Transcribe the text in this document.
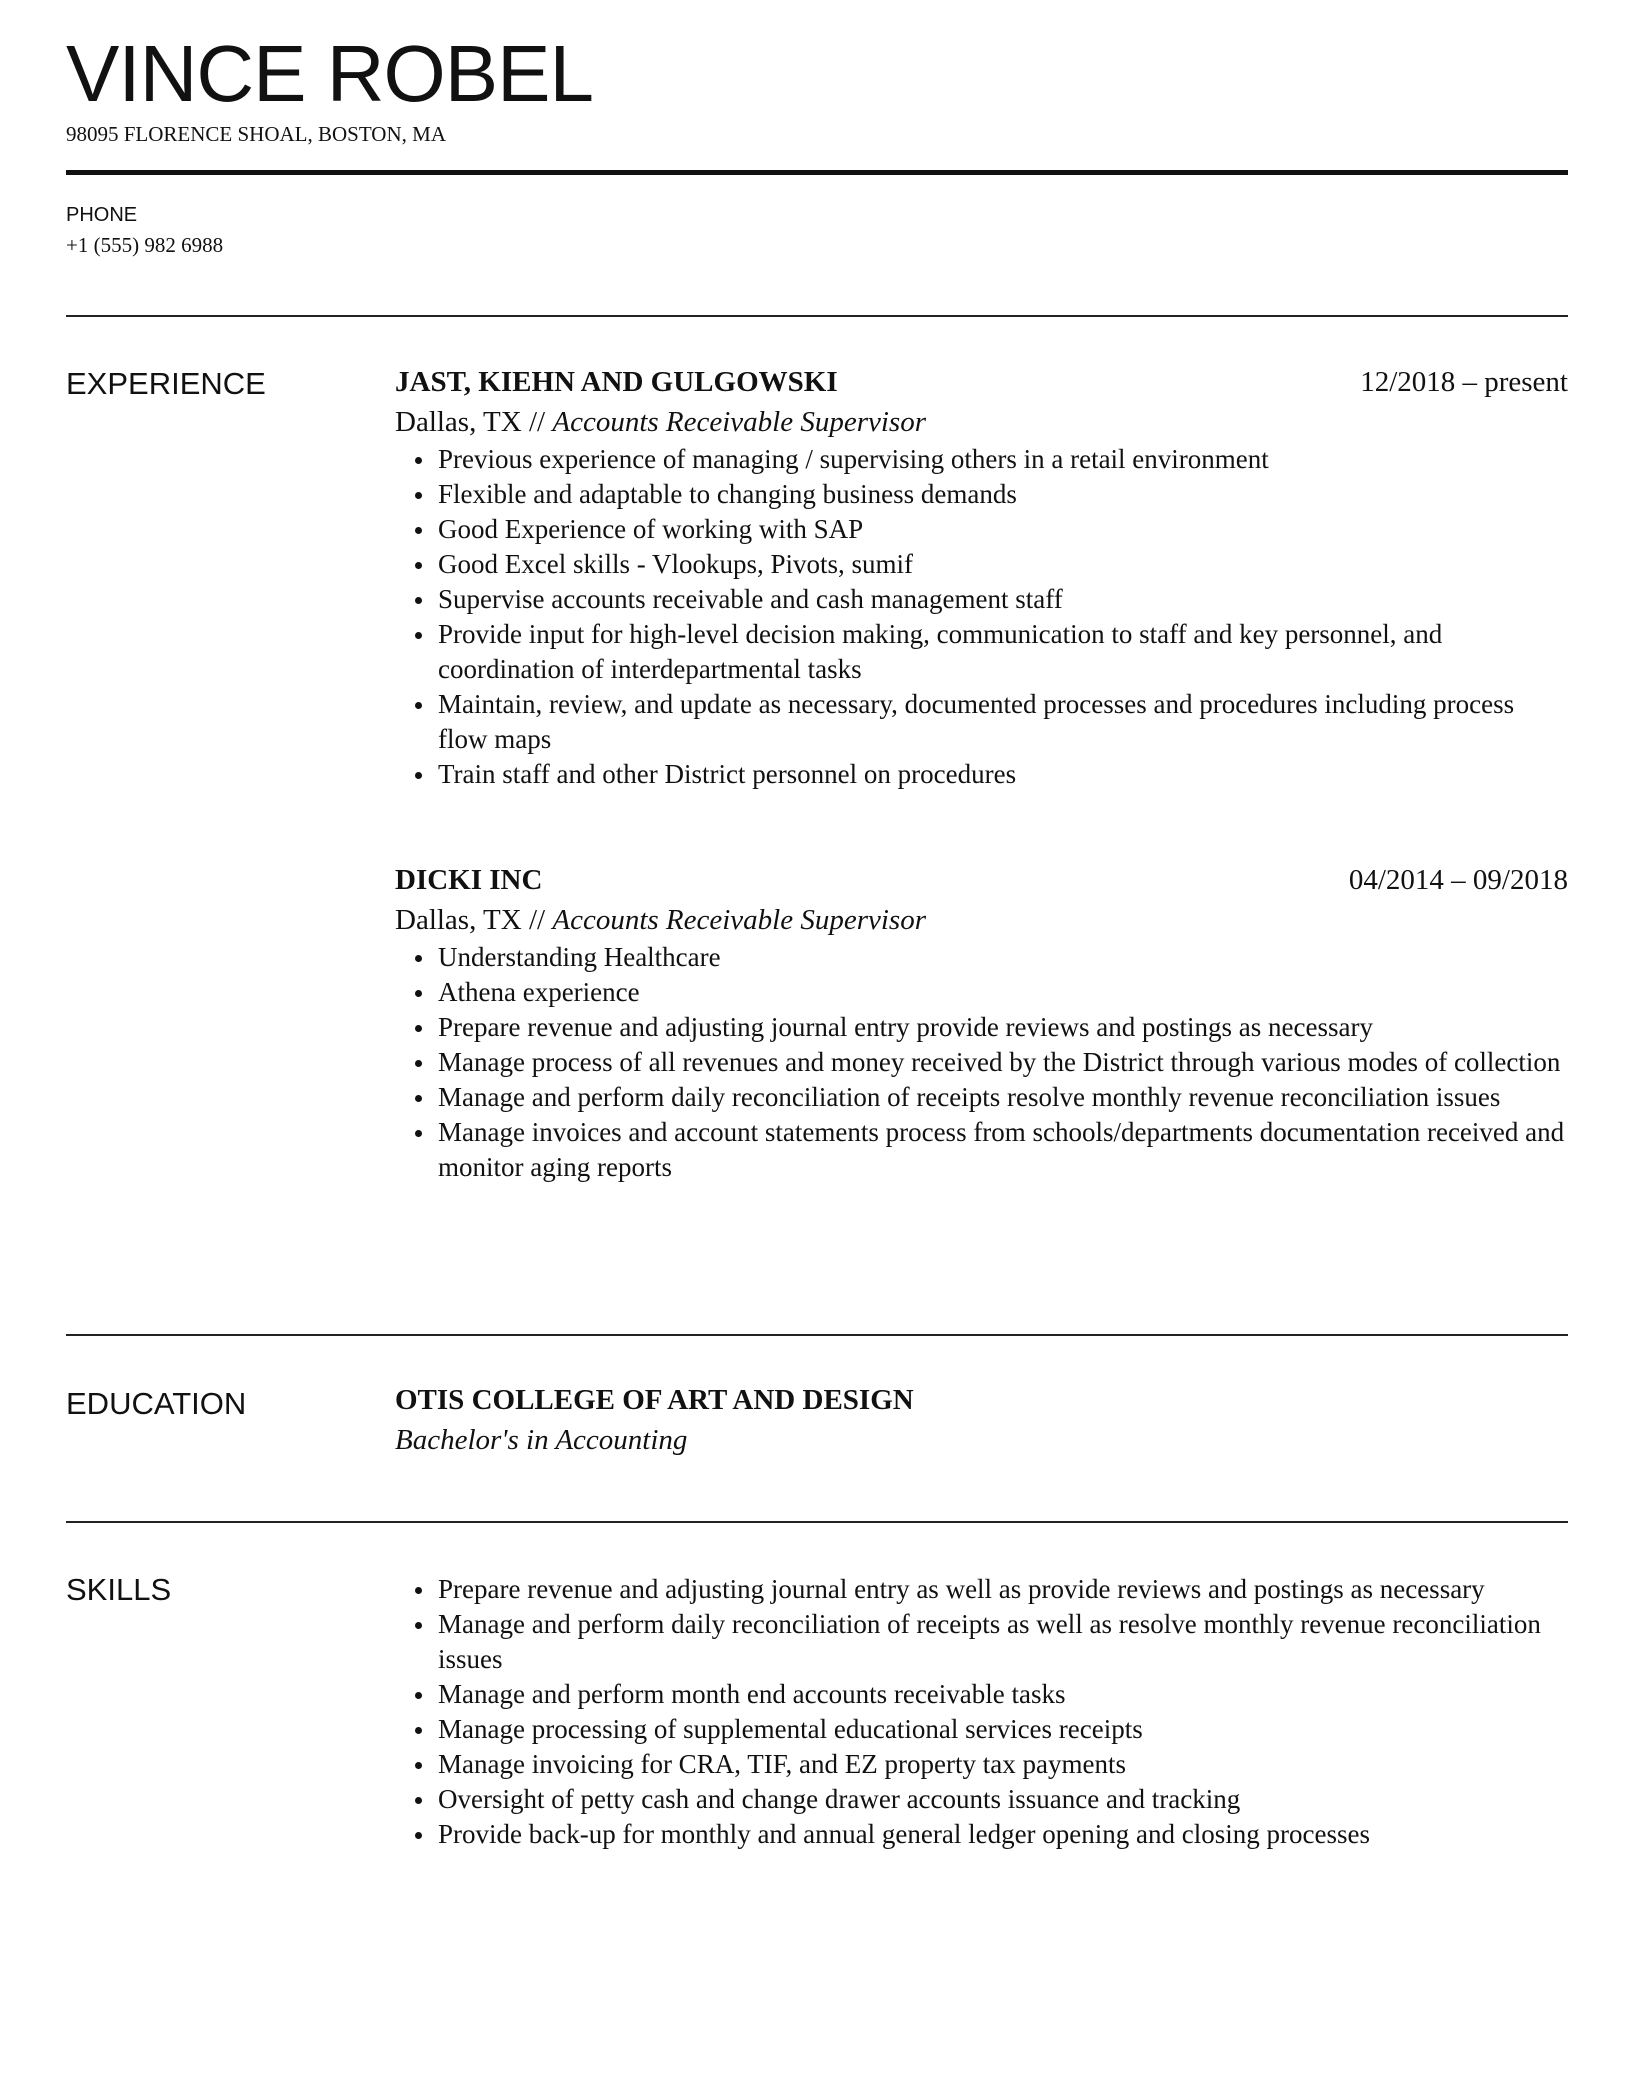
VINCE ROBEL
98095 FLORENCE SHOAL, BOSTON, MA
PHONE
+1 (555) 982 6988
EXPERIENCE	JAST, KIEHN AND GULGOWSKI	12/2018 – present
Dallas, TX // Accounts Receivable Supervisor
Previous experience of managing / supervising others in a retail environment
Flexible and adaptable to changing business demands
Good Experience of working with SAP
Good Excel skills - Vlookups, Pivots, sumif
Supervise accounts receivable and cash management staff
Provide input for high-level decision making, communication to staff and key personnel, and coordination of interdepartmental tasks
Maintain, review, and update as necessary, documented processes and procedures including process flow maps
Train staff and other District personnel on procedures
DICKI INC	04/2014 – 09/2018
Dallas, TX // Accounts Receivable Supervisor
Understanding Healthcare
Athena experience
Prepare revenue and adjusting journal entry provide reviews and postings as necessary
Manage process of all revenues and money received by the District through various modes of collection
Manage and perform daily reconciliation of receipts resolve monthly revenue reconciliation issues
Manage invoices and account statements process from schools/departments documentation received and monitor aging reports
EDUCATION	OTIS COLLEGE OF ART AND DESIGN
Bachelor's in Accounting
SKILLS	Prepare revenue and adjusting journal entry as well as provide reviews and postings as necessary
Manage and perform daily reconciliation of receipts as well as resolve monthly revenue reconciliation issues
Manage and perform month end accounts receivable tasks
Manage processing of supplemental educational services receipts
Manage invoicing for CRA, TIF, and EZ property tax payments
Oversight of petty cash and change drawer accounts issuance and tracking
Provide back-up for monthly and annual general ledger opening and closing processes
